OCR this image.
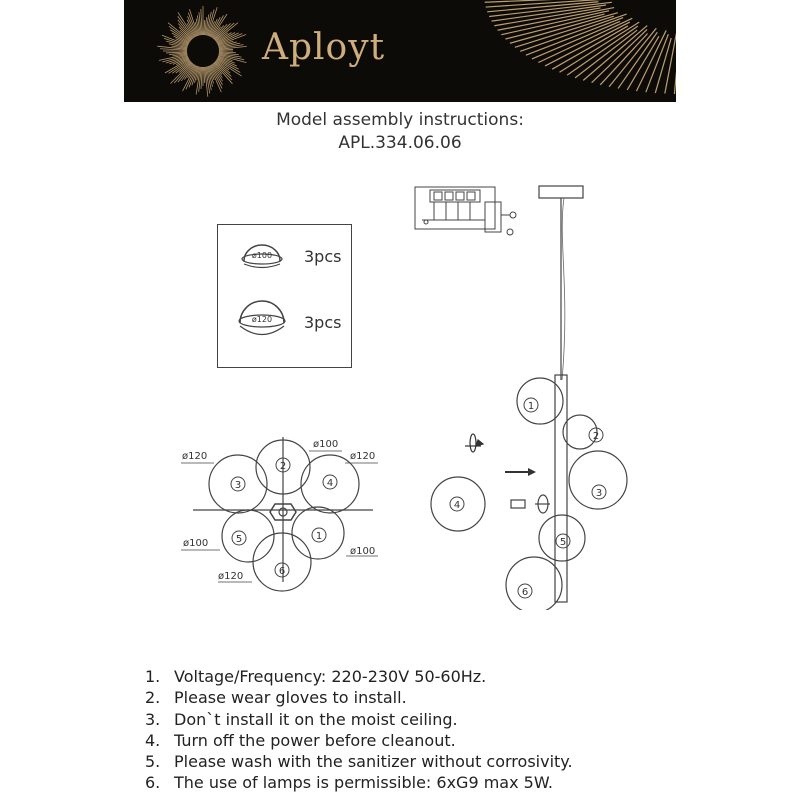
Aployt
Model assembly instructions:
APL.334.06.06
ø100
ø120
3pcs
3pcs
ø120
ø100
ø120
ø100
ø100
ø120
3
2
4
1
5
6
1
2
3
5
6
4
1. Voltage/Frequency: 220-230V 50-60Hz.
2. Please wear gloves to install.
3. Don`t install it on the moist ceiling.
4. Turn off the power before cleanout.
5. Please wash with the sanitizer without corrosivity.
6. The use of lamps is permissible: 6xG9 max 5W.
